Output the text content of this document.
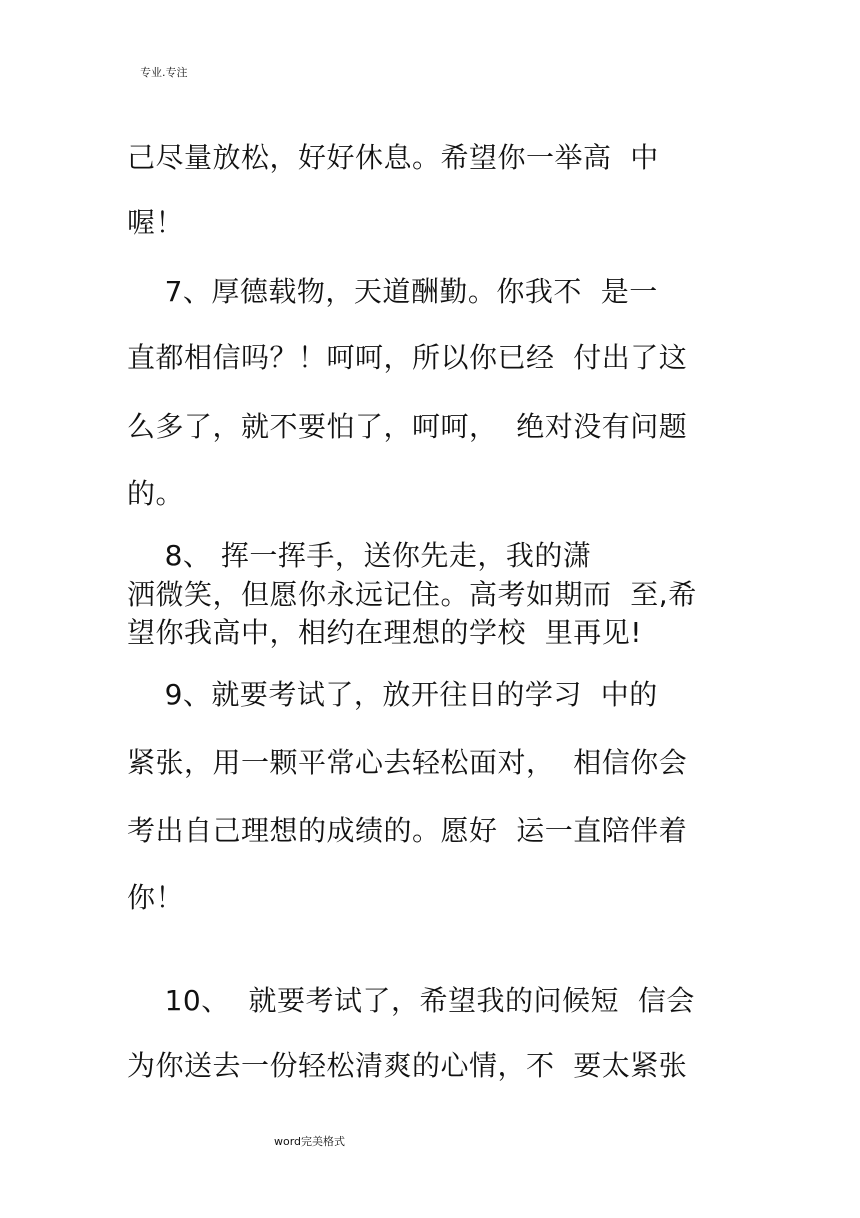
专业.专注
己尽量放松，好好休息。希望你一举高  中
喔！
7、厚德载物，天道酬勤。你我不  是一
直都相信吗？！呵呵，所以你已经  付出了这
么多了，就不要怕了，呵呵，  绝对没有问题
的。
8、 挥一挥手，送你先走，我的潇
洒微笑，但愿你永远记住。高考如期而  至,希
望你我高中，相约在理想的学校  里再见!
9、就要考试了，放开往日的学习  中的
紧张，用一颗平常心去轻松面对，  相信你会
考出自己理想的成绩的。愿好  运一直陪伴着
你！
10、  就要考试了，希望我的问候短  信会
为你送去一份轻松清爽的心情，不  要太紧张
word完美格式
